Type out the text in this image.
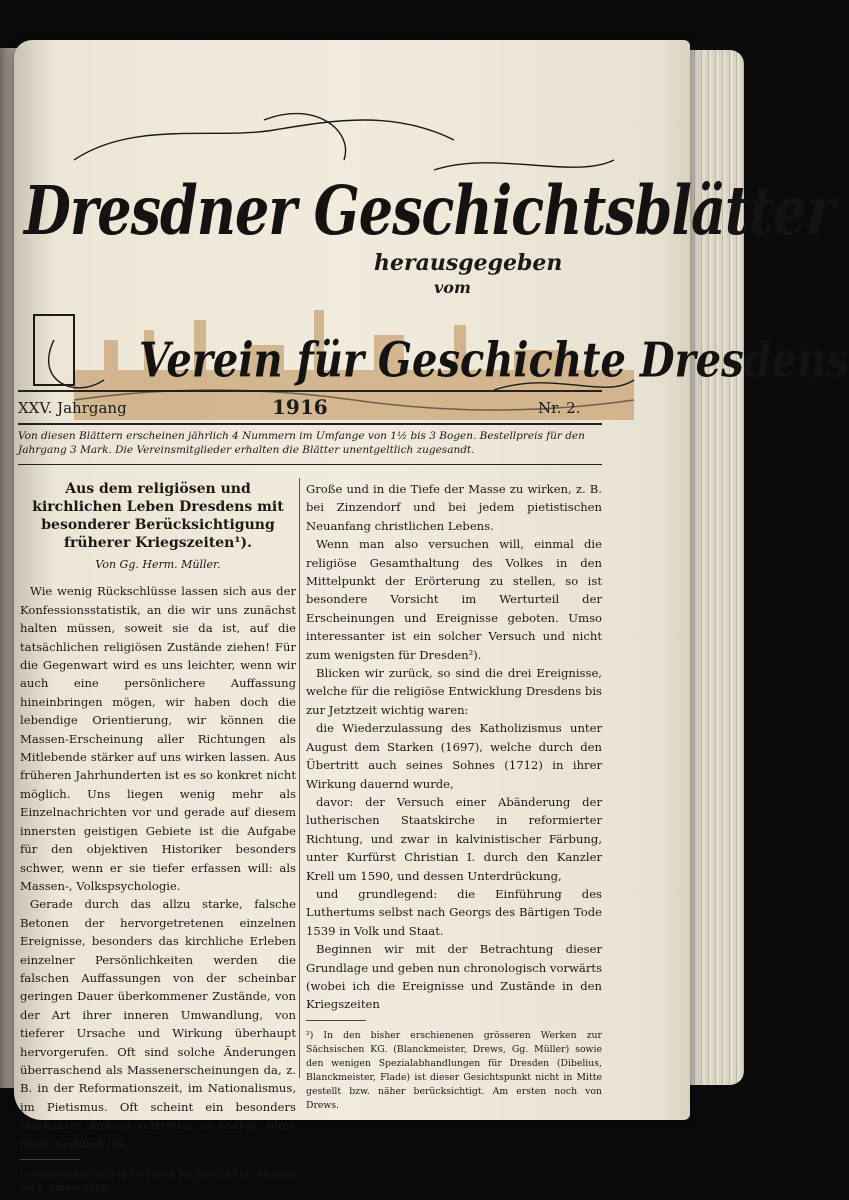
Dresdner Geschichtsblätter
herausgegeben
vom
Verein für Geschichte Dresdens
XXV. Jahrgang	1916	Nr. 2.
Von diesen Blättern erscheinen jährlich 4 Nummern im Umfange von 1½ bis 3 Bogen. Bestellpreis für den Jahrgang 3 Mark. Die Vereinsmitglieder erhalten die Blätter unentgeltlich zugesandt.
Aus dem religiösen und kirchlichen Leben Dresdens mit besonderer Berücksichtigung früherer Kriegszeiten¹).
Von Gg. Herm. Müller.

Wie wenig Rückschlüsse lassen sich aus der Konfessionsstatistik, an die wir uns zunächst halten müssen, soweit sie da ist, auf die tatsächlichen religiösen Zustände ziehen! Für die Gegenwart wird es uns leichter, wenn wir auch eine persönlichere Auffassung hineinbringen mögen, wir haben doch die lebendige Orientierung, wir können die Massen-Erscheinung aller Richtungen als Mitlebende stärker auf uns wirken lassen. Aus früheren Jahrhunderten ist es so konkret nicht möglich. Uns liegen wenig mehr als Einzelnachrichten vor und gerade auf diesem innersten geistigen Gebiete ist die Aufgabe für den objektiven Historiker besonders schwer, wenn er sie tiefer erfassen will: als Massen-, Volkspsychologie.

Gerade durch das allzu starke, falsche Betonen der hervorgetretenen einzelnen Ereignisse, besonders das kirchliche Erleben einzelner Persönlichkeiten werden die falschen Auffassungen von der scheinbar geringen Dauer überkommener Zustände, von der Art ihrer inneren Umwandlung, von tieferer Ursache und Wirkung überhaupt hervorgerufen. Oft sind solche Änderungen überraschend als Massenerscheinungen da, z. B. in der Reformationszeit, im Nationalismus, im Pietismus. Oft scheint ein besonders markanter Anfang vertreten zu wollen, ohne doch merklich ins

¹) Nach einem Vortrag im Verein für Geschichte Dresdens am 5. Januar 1916.

Große und in die Tiefe der Masse zu wirken, z. B. bei Zinzendorf und bei jedem pietistischen Neuanfang christlichen Lebens.

Wenn man also versuchen will, einmal die religiöse Gesamthaltung des Volkes in den Mittelpunkt der Erörterung zu stellen, so ist besondere Vorsicht im Werturteil der Erscheinungen und Ereignisse geboten. Umso interessanter ist ein solcher Versuch und nicht zum wenigsten für Dresden²).

Blicken wir zurück, so sind die drei Ereignisse, welche für die religiöse Entwicklung Dresdens bis zur Jetztzeit wichtig waren:

die Wiederzulassung des Katholizismus unter August dem Starken (1697), welche durch den Übertritt auch seines Sohnes (1712) in ihrer Wirkung dauernd wurde,

davor: der Versuch einer Abänderung der lutherischen Staatskirche in reformierter Richtung, und zwar in kalvinistischer Färbung, unter Kurfürst Christian I. durch den Kanzler Krell um 1590, und dessen Unterdrückung,

und grundlegend: die Einführung des Luthertums selbst nach Georgs des Bärtigen Tode 1539 in Volk und Staat.

Beginnen wir mit der Betrachtung dieser Grundlage und geben nun chronologisch vorwärts (wobei ich die Ereignisse und Zustände in den Kriegszeiten

²) In den bisher erschienenen grösseren Werken zur Sächsischen KG. (Blanckmeister, Drews, Gg. Müller) sowie den wenigen Spezialabhandlungen für Dresden (Dibelius, Blanckmeister, Flade) ist dieser Gesichtspunkt nicht in Mitte gestellt bzw. näher berücksichtigt. Am ersten noch von Drews.
